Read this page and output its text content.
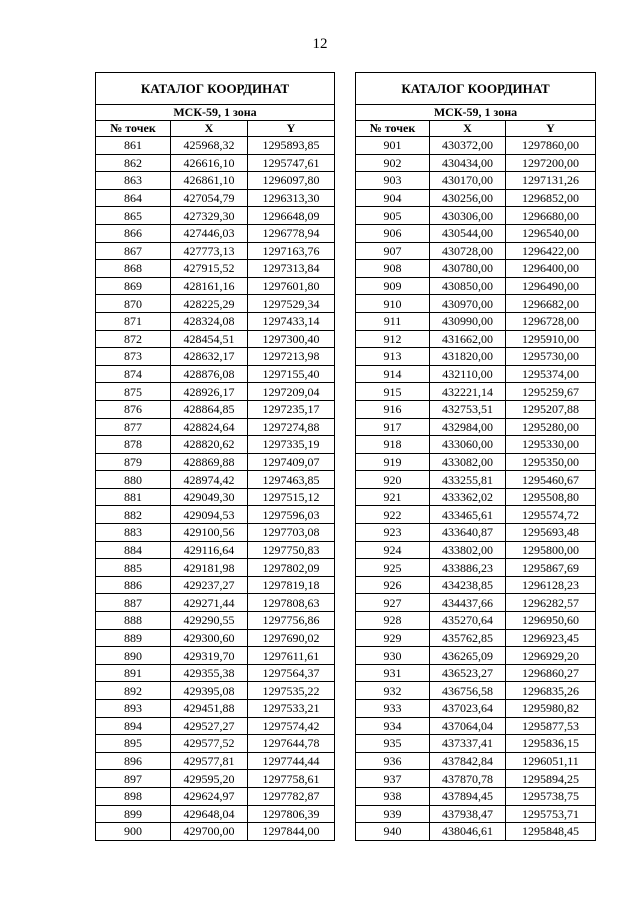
12
КАТАЛОГ КООРДИНАТ		
МСК-59, 1 зона		
№ точек	X	Y
861	425968,32	1295893,85
862	426616,10	1295747,61
863	426861,10	1296097,80
864	427054,79	1296313,30
865	427329,30	1296648,09
866	427446,03	1296778,94
867	427773,13	1297163,76
868	427915,52	1297313,84
869	428161,16	1297601,80
870	428225,29	1297529,34
871	428324,08	1297433,14
872	428454,51	1297300,40
873	428632,17	1297213,98
874	428876,08	1297155,40
875	428926,17	1297209,04
876	428864,85	1297235,17
877	428824,64	1297274,88
878	428820,62	1297335,19
879	428869,88	1297409,07
880	428974,42	1297463,85
881	429049,30	1297515,12
882	429094,53	1297596,03
883	429100,56	1297703,08
884	429116,64	1297750,83
885	429181,98	1297802,09
886	429237,27	1297819,18
887	429271,44	1297808,63
888	429290,55	1297756,86
889	429300,60	1297690,02
890	429319,70	1297611,61
891	429355,38	1297564,37
892	429395,08	1297535,22
893	429451,88	1297533,21
894	429527,27	1297574,42
895	429577,52	1297644,78
896	429577,81	1297744,44
897	429595,20	1297758,61
898	429624,97	1297782,87
899	429648,04	1297806,39
900	429700,00	1297844,00
КАТАЛОГ КООРДИНАТ		
МСК-59, 1 зона		
№ точек	X	Y
901	430372,00	1297860,00
902	430434,00	1297200,00
903	430170,00	1297131,26
904	430256,00	1296852,00
905	430306,00	1296680,00
906	430544,00	1296540,00
907	430728,00	1296422,00
908	430780,00	1296400,00
909	430850,00	1296490,00
910	430970,00	1296682,00
911	430990,00	1296728,00
912	431662,00	1295910,00
913	431820,00	1295730,00
914	432110,00	1295374,00
915	432221,14	1295259,67
916	432753,51	1295207,88
917	432984,00	1295280,00
918	433060,00	1295330,00
919	433082,00	1295350,00
920	433255,81	1295460,67
921	433362,02	1295508,80
922	433465,61	1295574,72
923	433640,87	1295693,48
924	433802,00	1295800,00
925	433886,23	1295867,69
926	434238,85	1296128,23
927	434437,66	1296282,57
928	435270,64	1296950,60
929	435762,85	1296923,45
930	436265,09	1296929,20
931	436523,27	1296860,27
932	436756,58	1296835,26
933	437023,64	1295980,82
934	437064,04	1295877,53
935	437337,41	1295836,15
936	437842,84	1296051,11
937	437870,78	1295894,25
938	437894,45	1295738,75
939	437938,47	1295753,71
940	438046,61	1295848,45
